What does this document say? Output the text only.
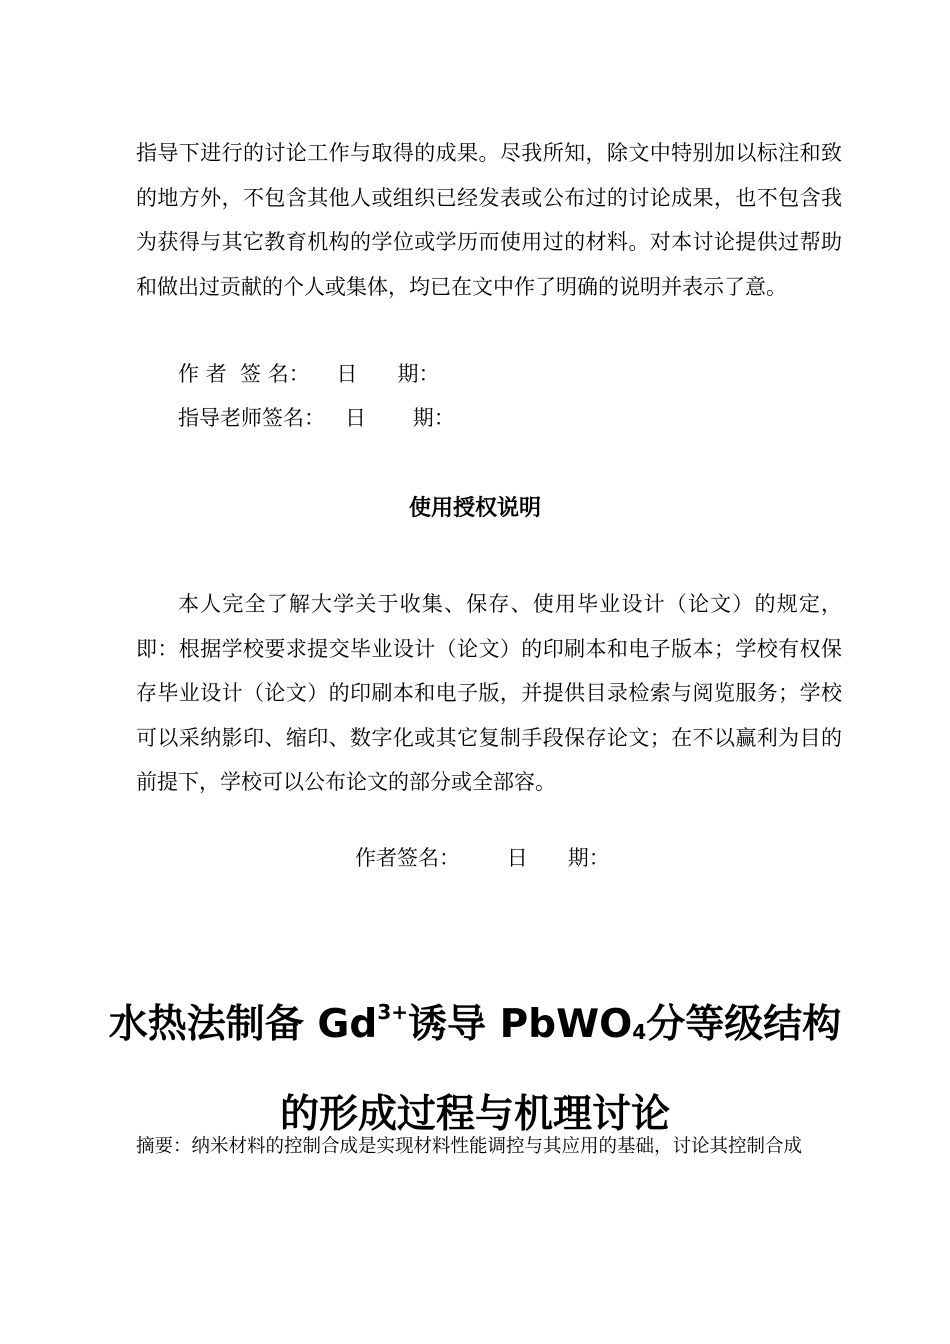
指导下进行的讨论工作与取得的成果。尽我所知，除文中特别加以标注和致的地方外，不包含其他人或组织已经发表或公布过的讨论成果，也不包含我为获得与其它教育机构的学位或学历而使用过的材料。对本讨论提供过帮助和做出过贡献的个人或集体，均已在文中作了明确的说明并表示了意。

作 者  签 名：    日      期：

指导老师签名：   日       期：

使用授权说明

本人完全了解大学关于收集、保存、使用毕业设计（论文）的规定，即：根据学校要求提交毕业设计（论文）的印刷本和电子版本；学校有权保存毕业设计（论文）的印刷本和电子版，并提供目录检索与阅览服务；学校可以采纳影印、缩印、数字化或其它复制手段保存论文；在不以赢利为目的前提下，学校可以公布论文的部分或全部容。

作者签名：       日      期：

水热法制备 $Gd^{3+}$诱导 PbWO$_4$分等级结构
的形成过程与机理讨论

摘要：纳米材料的控制合成是实现材料性能调控与其应用的基础，讨论其控制合成
